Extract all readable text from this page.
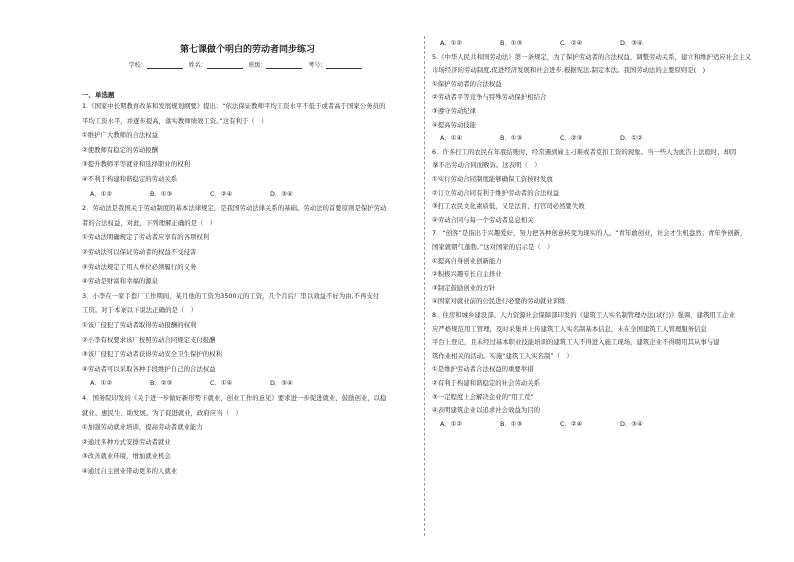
第七课做个明白的劳动者同步练习
学校：	姓名：	班级：	考号：
一、单选题
1.《国家中长期教育改革和发展规划纲要》提出：“依法保证教师平均工资水平不低于或者高于国家公务员的
平均工资水平，并逐步提高，落实教师绩效工资。”这有利于（　）
①维护广大教师的合法权益
②使教师有稳定的劳动报酬
③提升教师平等就业和选择职业的权利
④不利于构建和谐稳定的劳动关系
A．①②	B．①③	C．②④	D．③④
2．劳动法是我国关于劳动制度的基本法律规定，是我国劳动法律关系的基础。劳动法的首要原则是保护劳动
者的合法权益，对此，下列理解正确的是（　）
①劳动法明确规定了劳动者应享有的各项权利
②劳动法可以保证劳动者的权益不受侵害
③劳动法规定了用人单位必须履行的义务
④劳动是财富和幸福的源泉
3．小李在一家手套厂工作期间，某月他的工资为3500元的工资，几个月后厂里以效益不好为由,不再支付
工资。对于本案以下说法正确的是（　）
①该厂侵犯了劳动者取得劳动报酬的权利
②小李有权要求该厂按照劳动合同规定支付报酬
③该厂侵犯了劳动者获得劳动安全卫生保护的权利
④劳动者可以采取各种手段维护自己的合法权益
A．①②	B．②③	C．①④	D．③④
4．国务院印发的《关于进一步做好新形势下就业、创业工作的意见》要求进一步促进就业、鼓励创业，以稳
就业、惠民生、助发展。为了促进就业，政府应当（　）
①加强劳动就业培训，提高劳动者就业能力
②通过多种方式安排劳动者就业
③改善就业环境，增加就业机会
④通过自主创业带动更多的人就业
A．①②	B．①③	C．②④	D．③④
5.《中华人民共和国劳动法》第一条规定，为了保护劳动者的合法权益，调整劳动关系，建立和维护适应社会主义
市场经济的劳动制度,促进经济发展和社会进步,根据宪法,制定本法。我国劳动法的主要原则是(　)
①保护劳动者的合法权益
②劳动者平等竞争与特殊劳动保护相结合
③遵守劳动纪律
④提高劳动技能
A．①④	B．①③	C．②③	D．①②
6．许多打工的农民在年底结账时，经常遇到雇主刁难或者克扣工资的现象。当一些人为此告上法庭时，却因
拿不出劳动合同而败诉。这表明（　）
①实行劳动合同制度能够确保工资按时发放
②订立劳动合同有利于维护劳动者的合法权益
③打工农民文化素质低，又是法盲，打官司必然要失败
④劳动合同与每一个劳动者息息相关
7．“创客”是指出于兴趣爱好，努力把各种创意转变为现实的人。“青年敢创业，社会才生机盎然；青年争创新，
国家就朝气蓬勃。”这对国家的启示是（　）
①提高自身创业创新能力
②积极兴趣专长自主择业
③制定鼓励创业的方针
④国家对就业前的公民进行必要的劳动就业训练
8．住房和城乡建设部、人力资源社会保障部印发的《建筑工人实名制管理办法(试行)》强调，建筑用工企业
应严格规范用工管理，及时采集并上传建筑工人实名制基本信息，未在全国建筑工人管理服务信息
平台上登记，且未经过基本职业技能培训的建筑工人不得进入施工现场，建筑企业不得聘用其从事与建
筑作业相关的活动。实施“建筑工人实名制”（　）
①是维护劳动者合法权益的重要举措
②有利于构建和谐稳定的社会劳动关系
③一定程度上会解决企业的“用工荒”
④表明建筑企业以追求社会效益为目的
A．①②	B．①③	C．②④	D．③④
